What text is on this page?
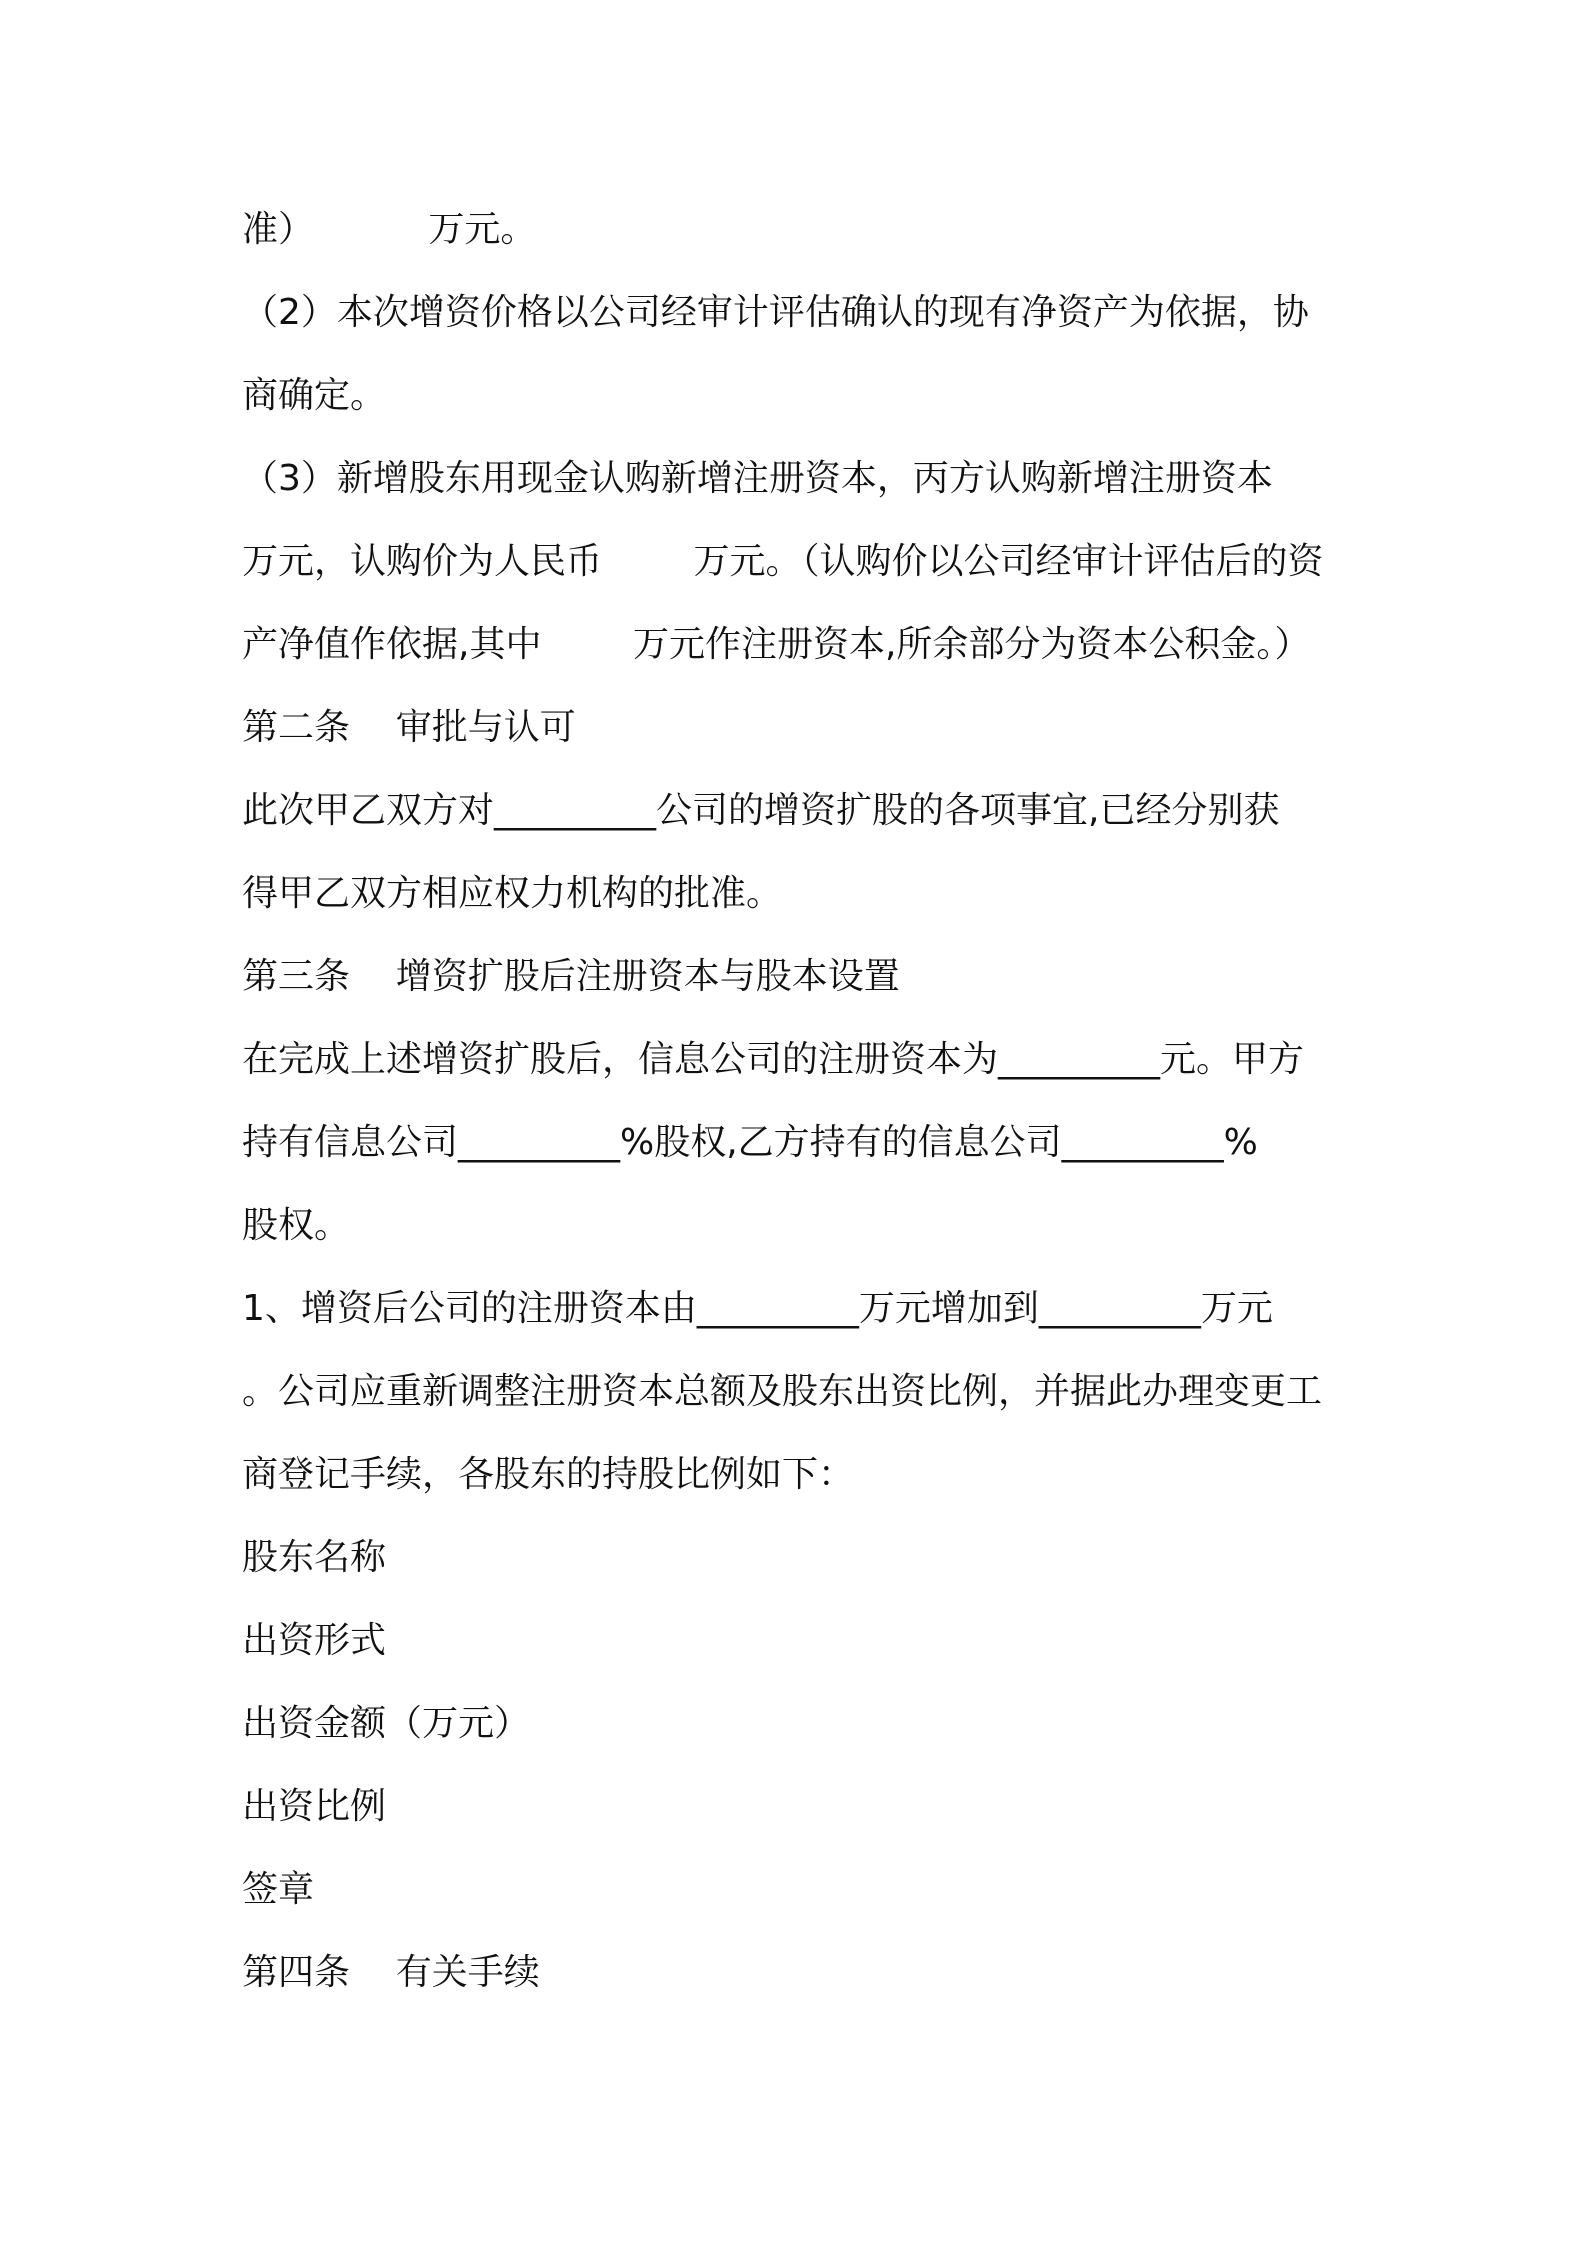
准）          万元。
（2）本次增资价格以公司经审计评估确认的现有净资产为依据，协
商确定。
（3）新增股东用现金认购新增注册资本，丙方认购新增注册资本
万元，认购价为人民币        万元。（认购价以公司经审计评估后的资
产净值作依据,其中        万元作注册资本,所余部分为资本公积金。）
第二条    审批与认可
此次甲乙双方对_________公司的增资扩股的各项事宜,已经分别获
得甲乙双方相应权力机构的批准。
第三条    增资扩股后注册资本与股本设置
在完成上述增资扩股后，信息公司的注册资本为_________元。甲方
持有信息公司_________%股权,乙方持有的信息公司_________%
股权。
1、增资后公司的注册资本由_________万元增加到_________万元
。公司应重新调整注册资本总额及股东出资比例，并据此办理变更工
商登记手续，各股东的持股比例如下：
股东名称
出资形式
出资金额（万元）
出资比例
签章
第四条    有关手续
